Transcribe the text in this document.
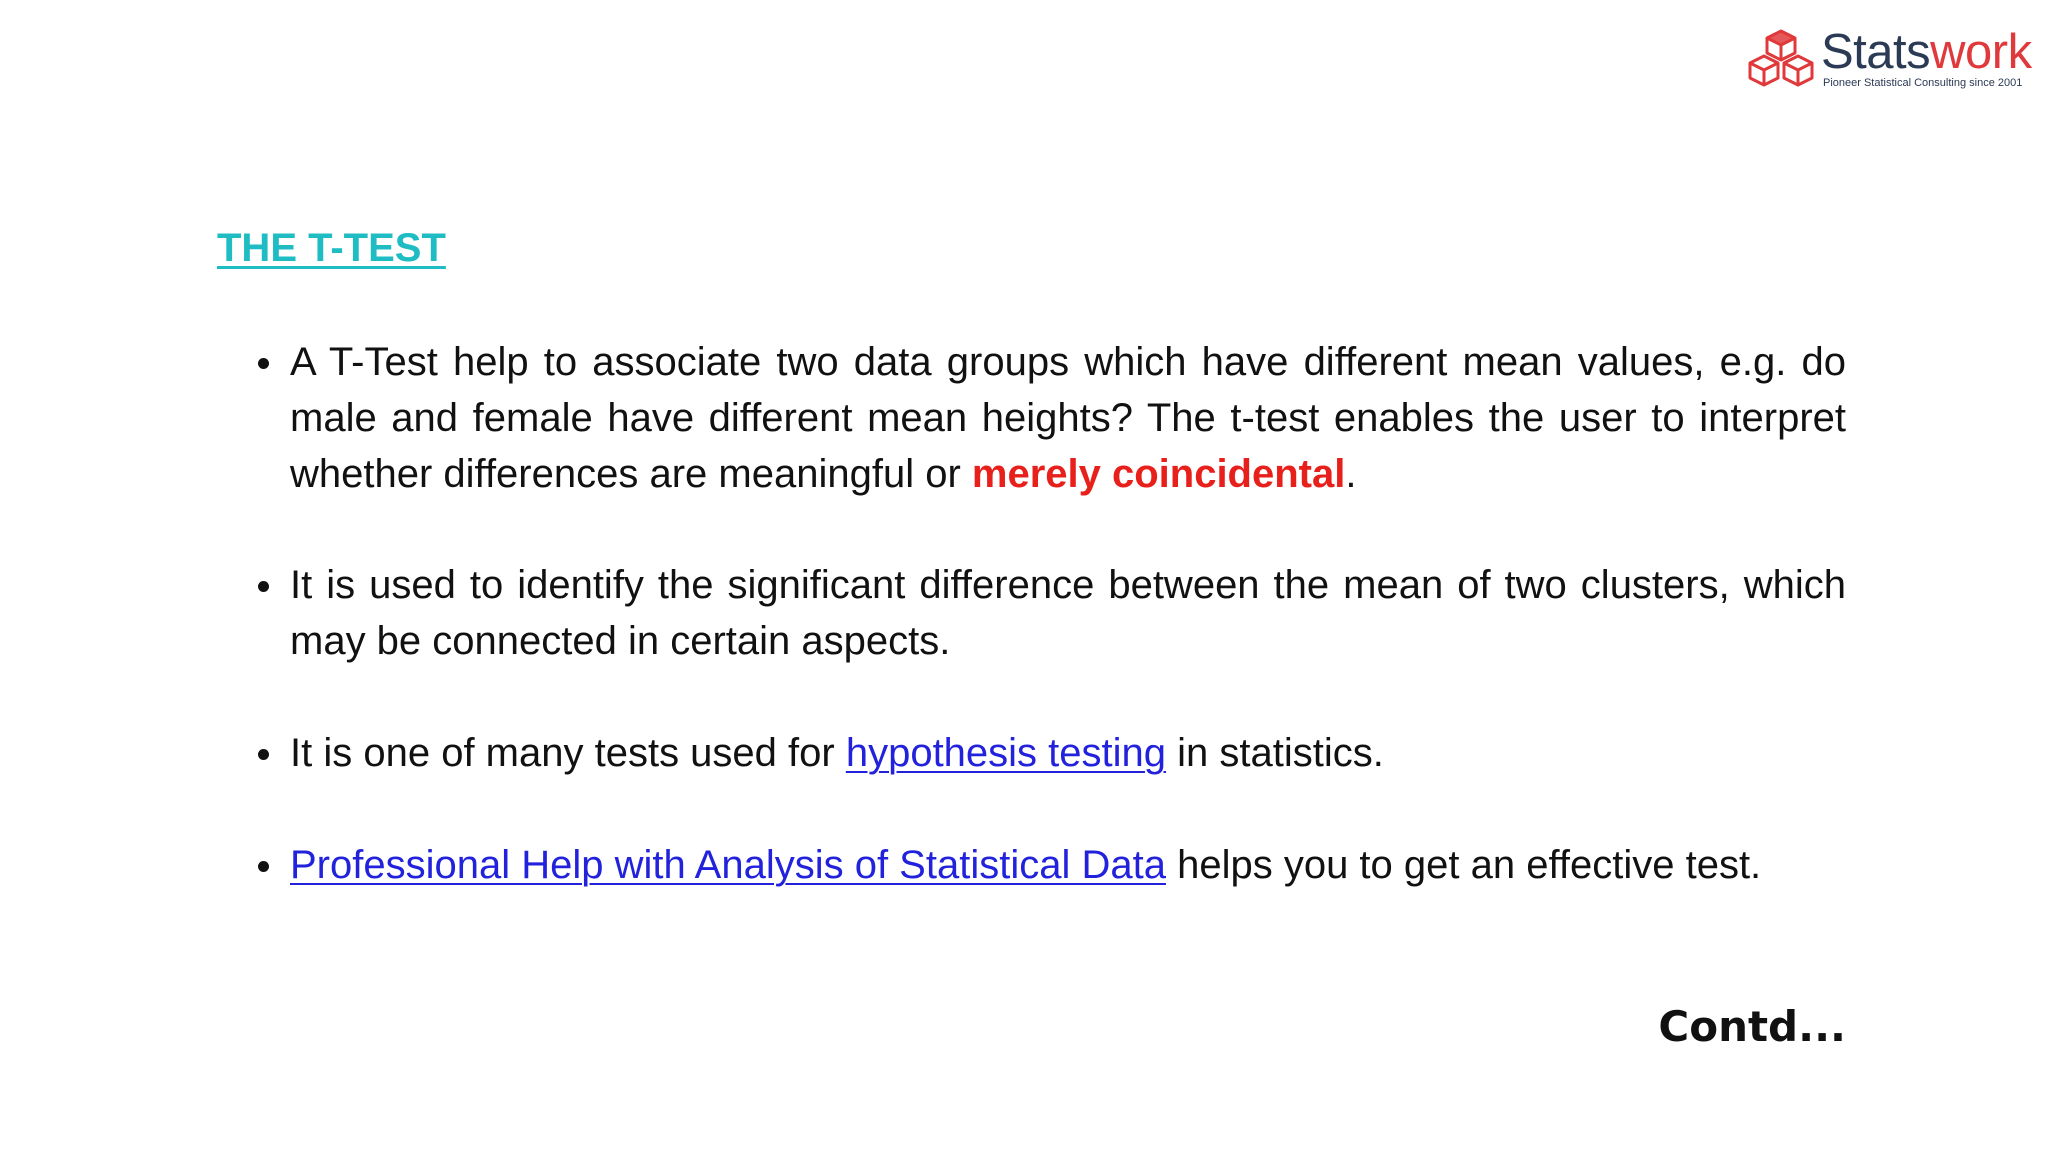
Statswork
Pioneer Statistical Consulting since 2001
THE T-TEST
A T-Test help to associate two data groups which have different mean values, e.g. do male and female have different mean heights? The t-test enables the user to interpret whether differences are meaningful or merely coincidental.
It is used to identify the significant difference between the mean of two clusters, which may be connected in certain aspects.
It is one of many tests used for hypothesis testing in statistics.
Professional Help with Analysis of Statistical Data helps you to get an effective test.
Contd...
